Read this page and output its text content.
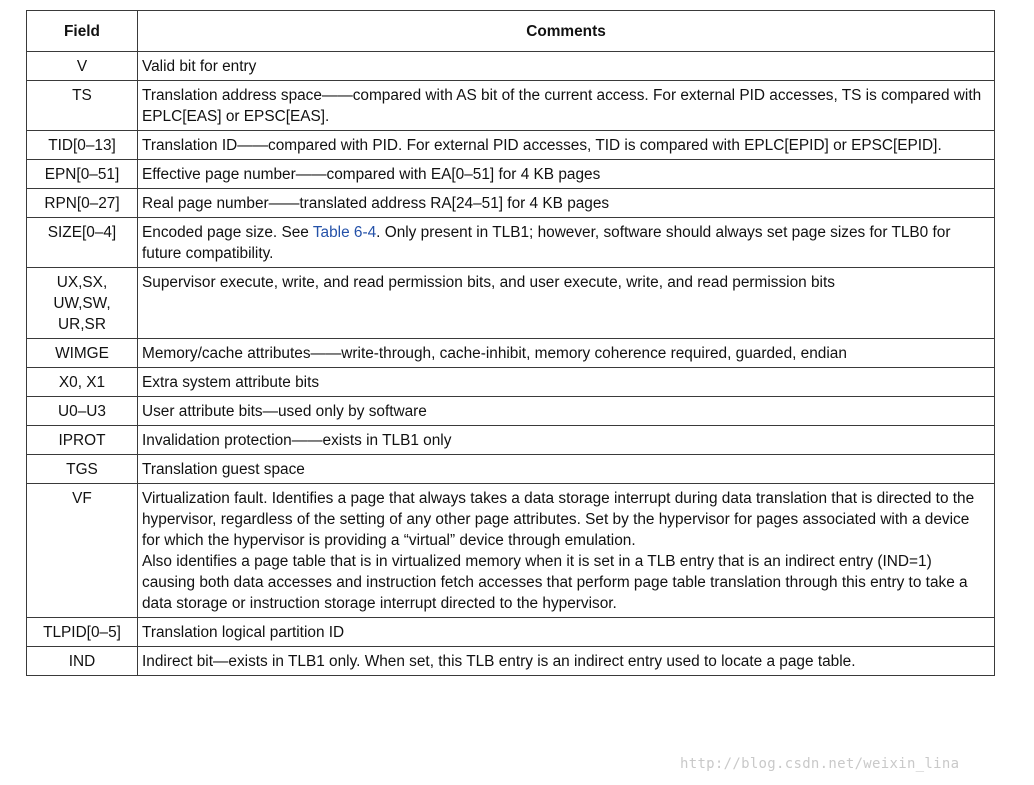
Field	Comments
V	Valid bit for entry
TS	Translation address space——compared with AS bit of the current access. For external PID accesses, TS is compared with EPLC[EAS] or EPSC[EAS].
TID[0–13]	Translation ID——compared with PID. For external PID accesses, TID is compared with EPLC[EPID] or EPSC[EPID].
EPN[0–51]	Effective page number——compared with EA[0–51] for 4 KB pages
RPN[0–27]	Real page number——translated address RA[24–51] for 4 KB pages
SIZE[0–4]	Encoded page size. See Table 6-4. Only present in TLB1; however, software should always set page sizes for TLB0 for future compatibility.
UX,SX,
UW,SW,
UR,SR	Supervisor execute, write, and read permission bits, and user execute, write, and read permission bits
WIMGE	Memory/cache attributes——write-through, cache-inhibit, memory coherence required, guarded, endian
X0, X1	Extra system attribute bits
U0–U3	User attribute bits—used only by software
IPROT	Invalidation protection——exists in TLB1 only
TGS	Translation guest space
VF	Virtualization fault. Identifies a page that always takes a data storage interrupt during data translation that is directed to the hypervisor, regardless of the setting of any other page attributes. Set by the hypervisor for pages associated with a device for which the hypervisor is providing a “virtual” device through emulation.
Also identifies a page table that is in virtualized memory when it is set in a TLB entry that is an indirect entry (IND=1) causing both data accesses and instruction fetch accesses that perform page table translation through this entry to take a data storage or instruction storage interrupt directed to the hypervisor.

TLPID[0–5]	Translation logical partition ID
IND	Indirect bit—exists in TLB1 only. When set, this TLB entry is an indirect entry used to locate a page table.
http://blog.csdn.net/weixin_lina
